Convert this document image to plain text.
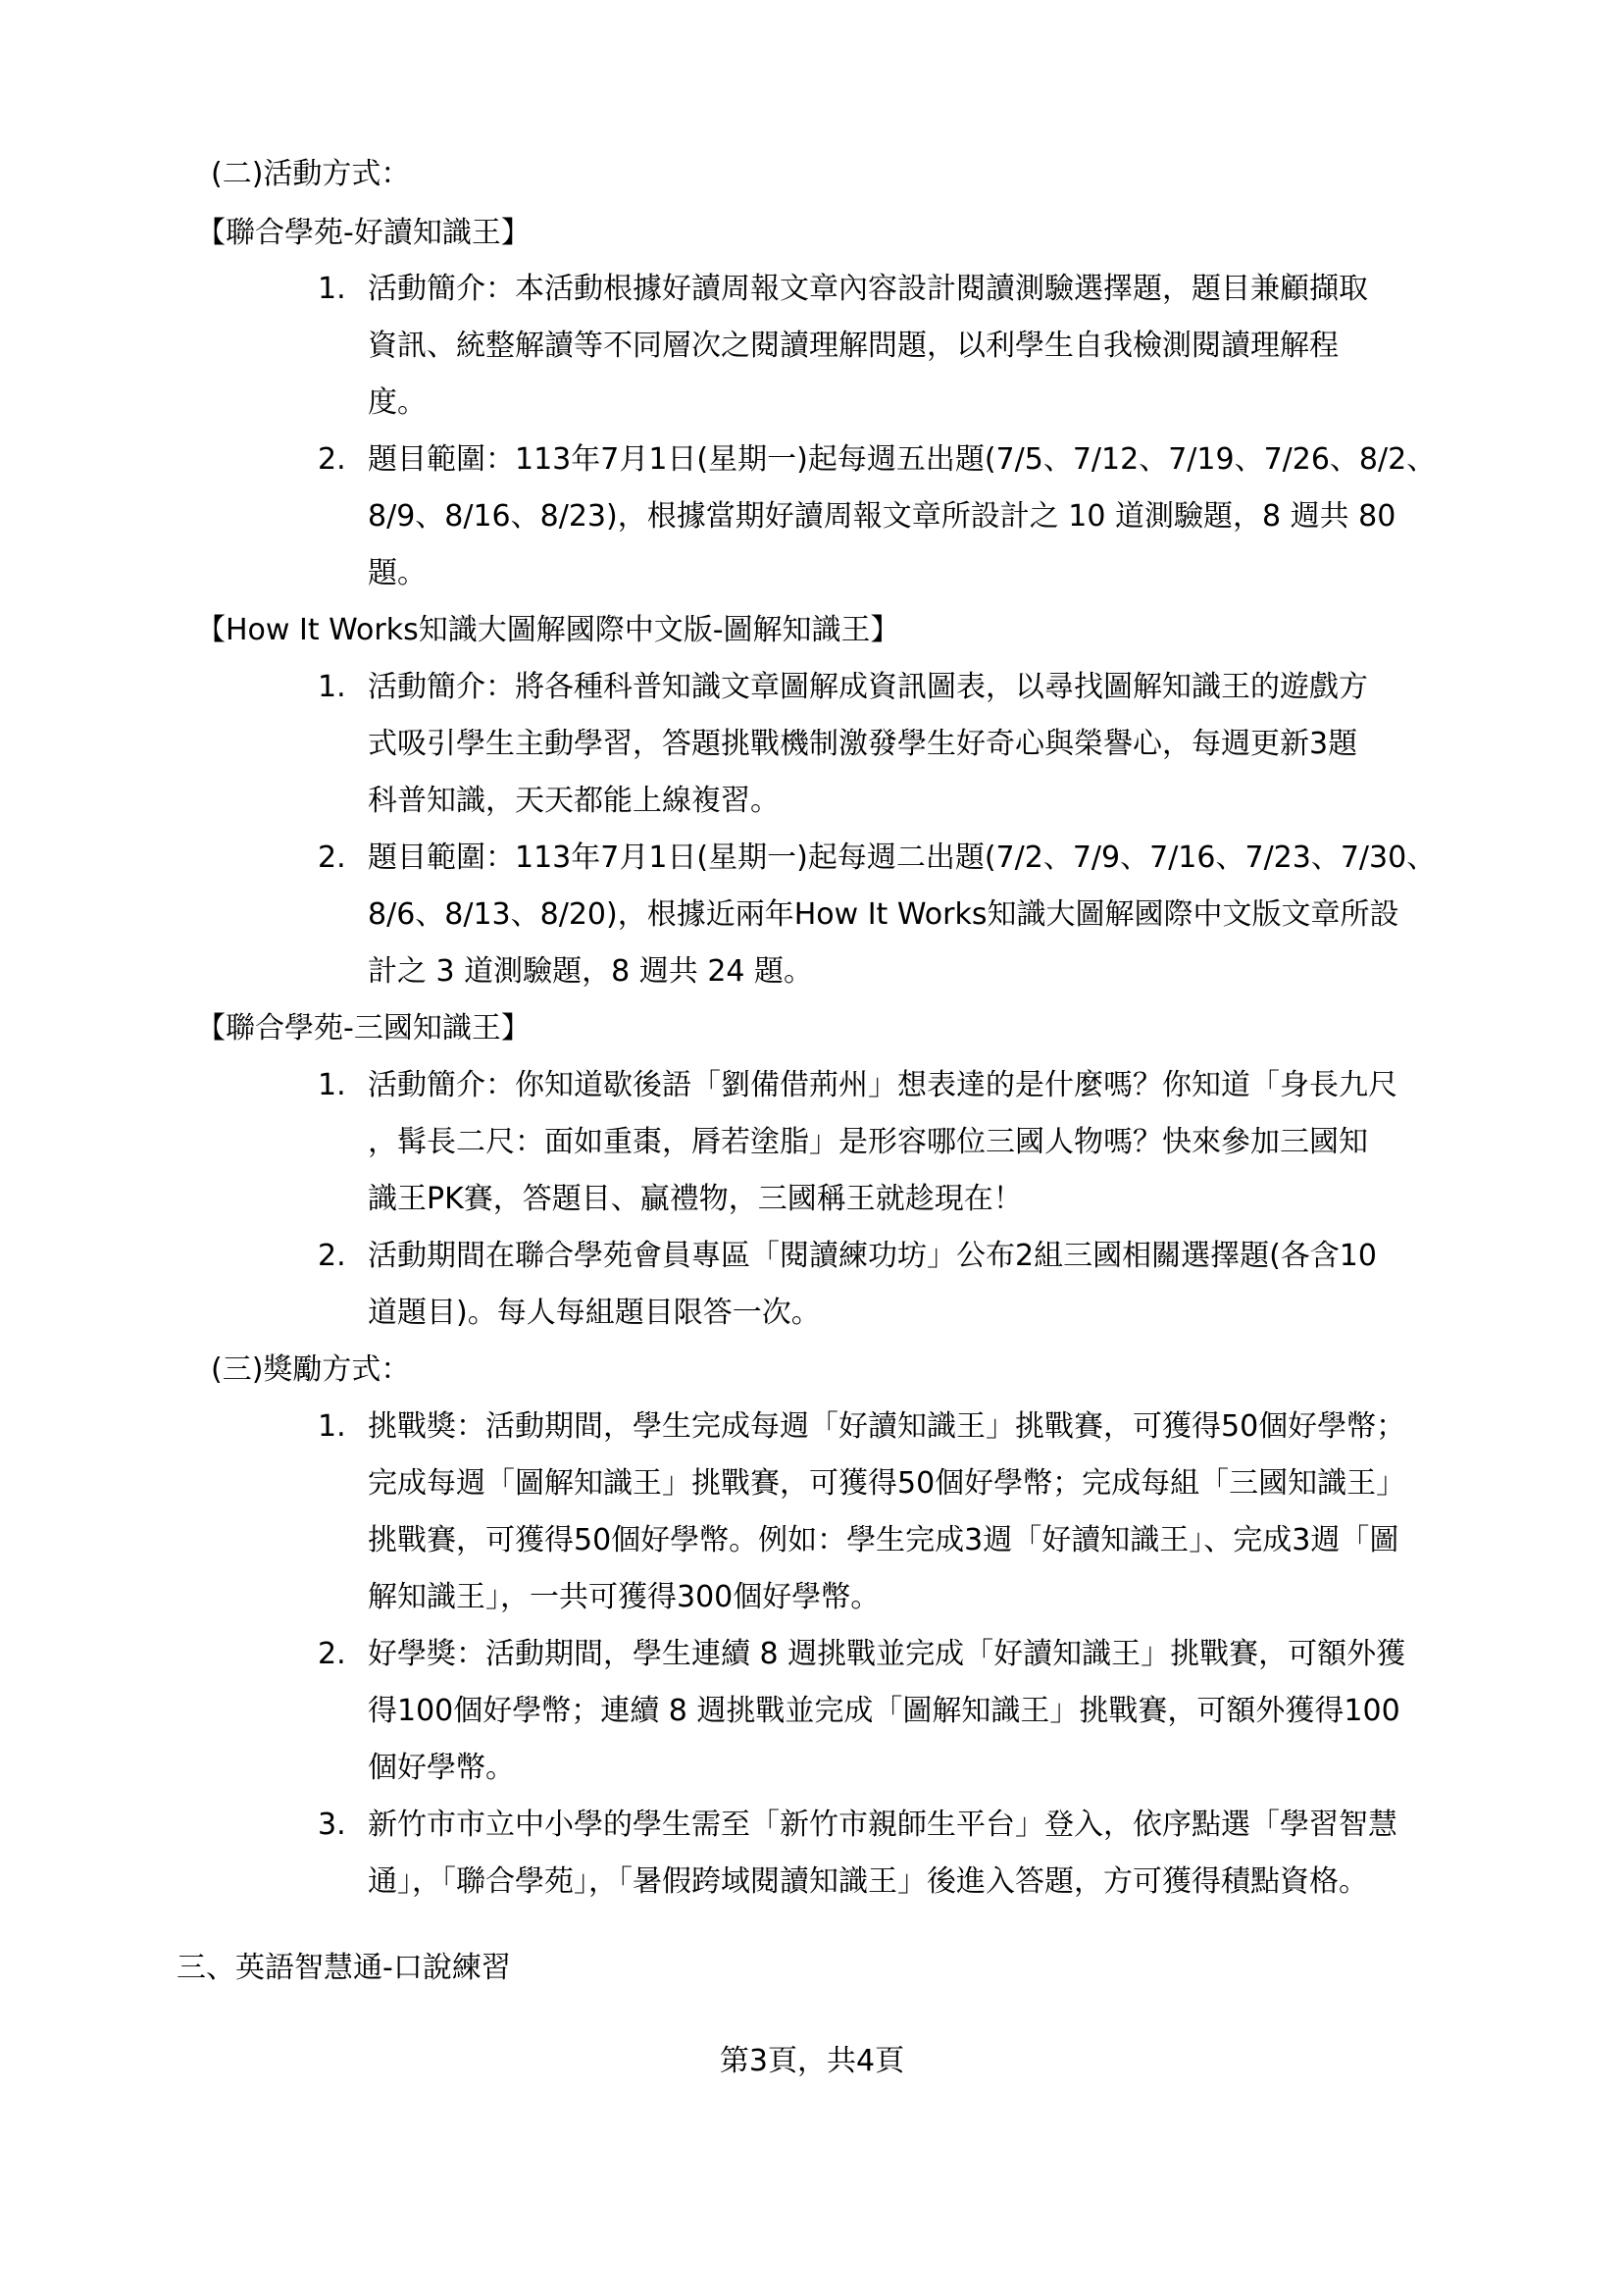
(二)活動方式：
【聯合學苑-好讀知識王】
1. 活動簡介：本活動根據好讀周報文章內容設計閱讀測驗選擇題，題目兼顧擷取
資訊、統整解讀等不同層次之閱讀理解問題，以利學生自我檢測閱讀理解程
度。
2. 題目範圍：113年7月1日(星期一)起每週五出題(7/5、7/12、7/19、7/26、8/2、
8/9、8/16、8/23)，根據當期好讀周報文章所設計之 10 道測驗題，8 週共 80
題。
【How It Works知識大圖解國際中文版-圖解知識王】
1. 活動簡介：將各種科普知識文章圖解成資訊圖表，以尋找圖解知識王的遊戲方
式吸引學生主動學習，答題挑戰機制激發學生好奇心與榮譽心，每週更新3題
科普知識，天天都能上線複習。
2. 題目範圍：113年7月1日(星期一)起每週二出題(7/2、7/9、7/16、7/23、7/30、
8/6、8/13、8/20)，根據近兩年How It Works知識大圖解國際中文版文章所設
計之 3 道測驗題，8 週共 24 題。
【聯合學苑-三國知識王】
1. 活動簡介：你知道歇後語「劉備借荊州」想表達的是什麼嗎？你知道「身長九尺
，髯長二尺：面如重棗，脣若塗脂」是形容哪位三國人物嗎？快來參加三國知
識王PK賽，答題目、贏禮物，三國稱王就趁現在！
2. 活動期間在聯合學苑會員專區「閱讀練功坊」公布2組三國相關選擇題(各含10
道題目)。每人每組題目限答一次。
(三)獎勵方式：
1. 挑戰獎：活動期間，學生完成每週「好讀知識王」挑戰賽，可獲得50個好學幣；
完成每週「圖解知識王」挑戰賽，可獲得50個好學幣；完成每組「三國知識王」
挑戰賽，可獲得50個好學幣。例如：學生完成3週「好讀知識王」、完成3週「圖
解知識王」，一共可獲得300個好學幣。
2. 好學獎：活動期間，學生連續 8 週挑戰並完成「好讀知識王」挑戰賽，可額外獲
得100個好學幣；連續 8 週挑戰並完成「圖解知識王」挑戰賽，可額外獲得100
個好學幣。
3. 新竹市市立中小學的學生需至「新竹市親師生平台」登入，依序點選「學習智慧
通」，「聯合學苑」，「暑假跨域閱讀知識王」後進入答題，方可獲得積點資格。
三、英語智慧通-口說練習
第3頁，共4頁
